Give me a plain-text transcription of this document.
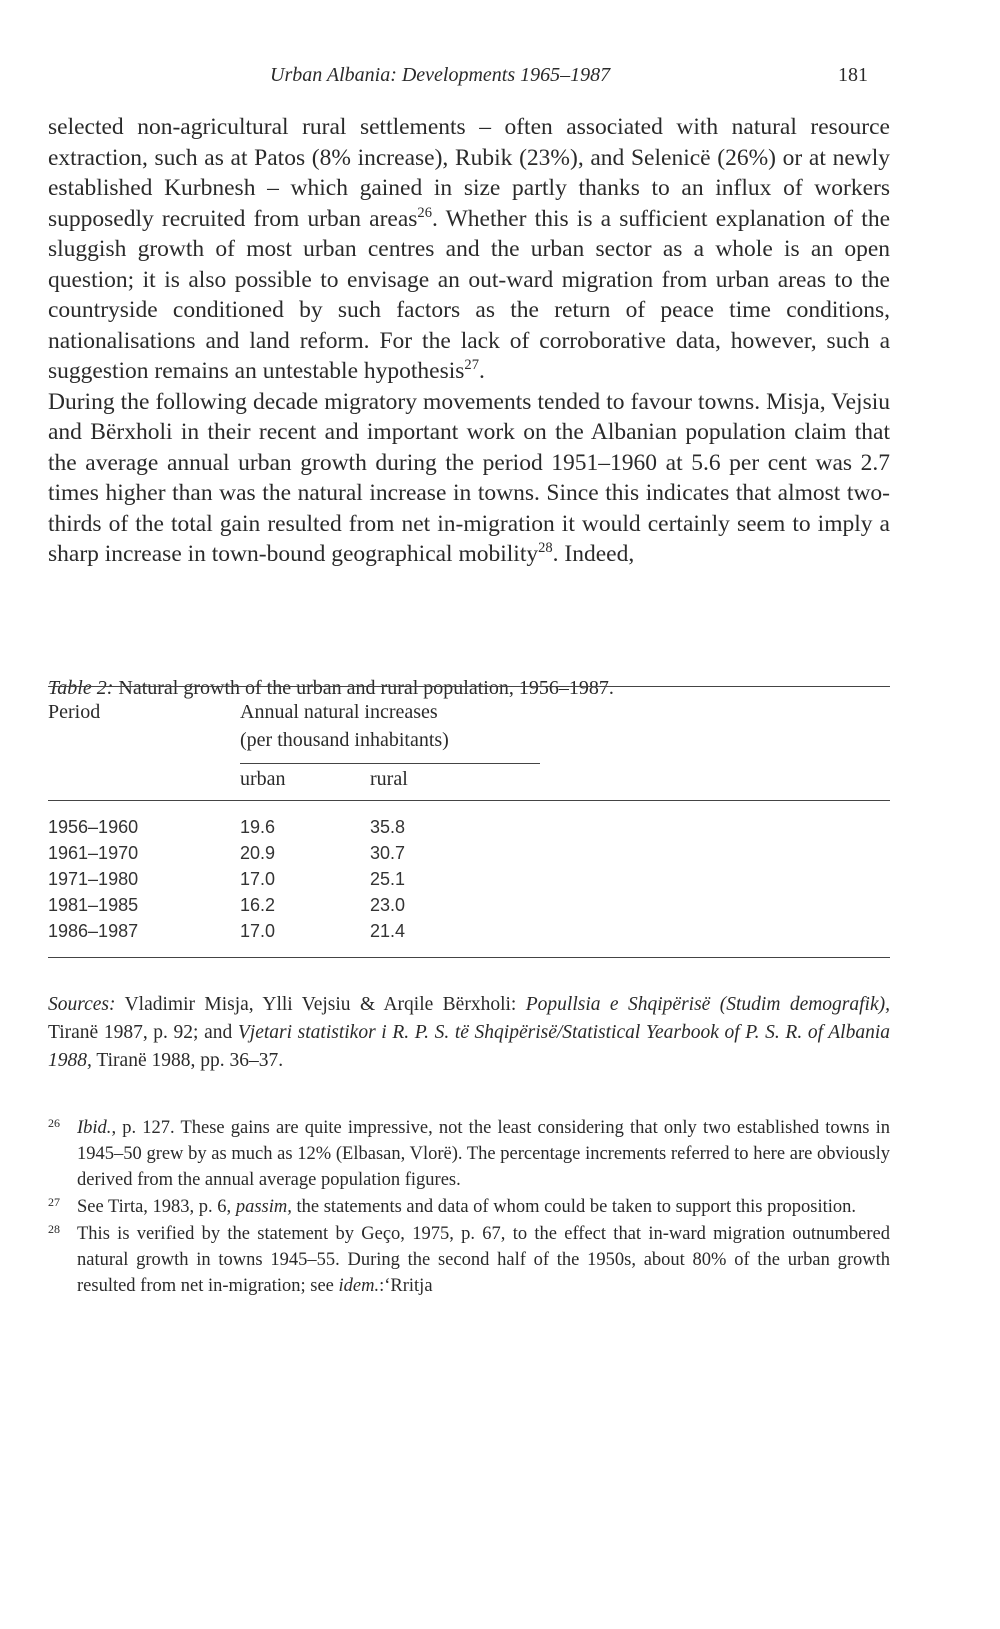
Urban Albania: Developments 1965–1987	181

selected non-agricultural rural settlements – often associated with natural resource extraction, such as at Patos (8% increase), Rubik (23%), and Selenicë (26%) or at newly established Kurbnesh – which gained in size partly thanks to an influx of workers supposedly recruited from urban areas$^{26}$. Whether this is a sufficient explanation of the sluggish growth of most urban centres and the urban sector as a whole is an open question; it is also possible to envisage an out-ward migration from urban areas to the countryside conditioned by such factors as the return of peace time conditions, nationalisations and land reform. For the lack of corroborative data, however, such a suggestion remains an untestable hypothesis$^{27}$.

During the following decade migratory movements tended to favour towns. Misja, Vejsiu and Bërxholi in their recent and important work on the Albanian population claim that the average annual urban growth during the period 1951–1960 at 5.6 per cent was 2.7 times higher than was the natural increase in towns. Since this indicates that almost two-thirds of the total gain resulted from net in-migration it would certainly seem to imply a sharp increase in town-bound geographical mobility$^{28}$. Indeed,

Table 2: Natural growth of the urban and rural population, 1956–1987.
Period	Annual natural increases
(per thousand inhabitants)
urban	rural
1956–1960	19.6	35.8
1961–1970	20.9	30.7
1971–1980	17.0	25.1
1981–1985	16.2	23.0
1986–1987	17.0	21.4
Sources: Vladimir Misja, Ylli Vejsiu & Arqile Bërxholi: Popullsia e Shqipërisë (Studim demografik), Tiranë 1987, p. 92; and Vjetari statistikor i R. P. S. të Shqipërisë/Statistical Yearbook of P. S. R. of Albania 1988, Tiranë 1988, pp. 36–37.
26 Ibid., p. 127. These gains are quite impressive, not the least considering that only two established towns in 1945–50 grew by as much as 12% (Elbasan, Vlorë). The percentage increments referred to here are obviously derived from the annual average population figures.
27 See Tirta, 1983, p. 6, passim, the statements and data of whom could be taken to support this proposition.
28 This is verified by the statement by Geço, 1975, p. 67, to the effect that in-ward migration outnumbered natural growth in towns 1945–55. During the second half of the 1950s, about 80% of the urban growth resulted from net in-migration; see idem.:‘Rritja
